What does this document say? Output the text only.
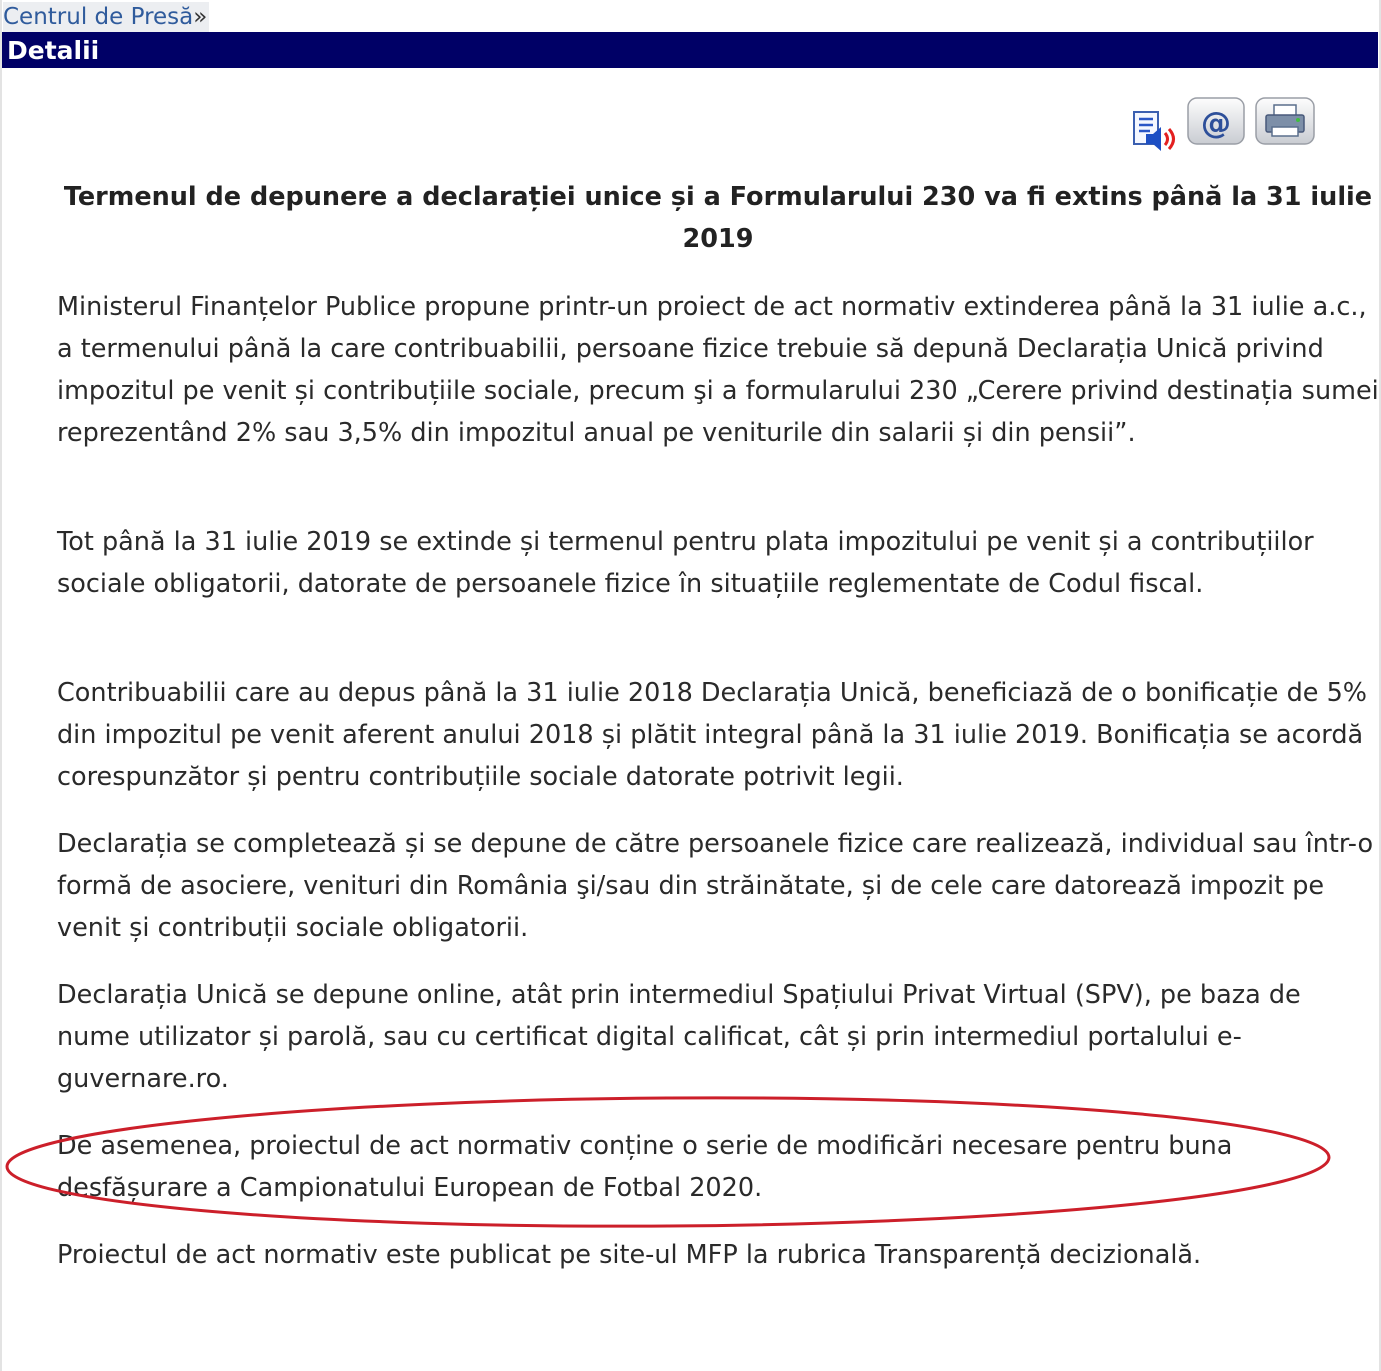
Centrul de Presă»
Detalii
@
Termenul de depunere a declarației unice și a Formularului 230 va fi extins până la 31 iulie 2019

Ministerul Finanțelor Publice propune printr-un proiect de act normativ extinderea până la 31 iulie a.c., a termenului până la care contribuabilii, persoane fizice trebuie să depună Declarația Unică privind impozitul pe venit și contribuțiile sociale, precum şi a formularului 230 „Cerere privind destinația sumei reprezentând 2% sau 3,5% din impozitul anual pe veniturile din salarii și din pensii”.

Tot până la 31 iulie 2019 se extinde și termenul pentru plata impozitului pe venit și a contribuțiilor sociale obligatorii, datorate de persoanele fizice în situațiile reglementate de Codul fiscal.

Contribuabilii care au depus până la 31 iulie 2018 Declarația Unică, beneficiază de o bonificație de 5% din impozitul pe venit aferent anului 2018 și plătit integral până la 31 iulie 2019. Bonificația se acordă corespunzător și pentru contribuțiile sociale datorate potrivit legii.

Declarația se completează și se depune de către persoanele fizice care realizează, individual sau într-o formă de asociere, venituri din România şi/sau din străinătate, și de cele care datorează impozit pe venit și contribuții sociale obligatorii.

Declarația Unică se depune online, atât prin intermediul Spațiului Privat Virtual (SPV), pe baza de nume utilizator și parolă, sau cu certificat digital calificat, cât și prin intermediul portalului e-guvernare.ro.

De asemenea, proiectul de act normativ conține o serie de modificări necesare pentru buna desfășurare a Campionatului European de Fotbal 2020.

Proiectul de act normativ este publicat pe site-ul MFP la rubrica Transparență decizională.
